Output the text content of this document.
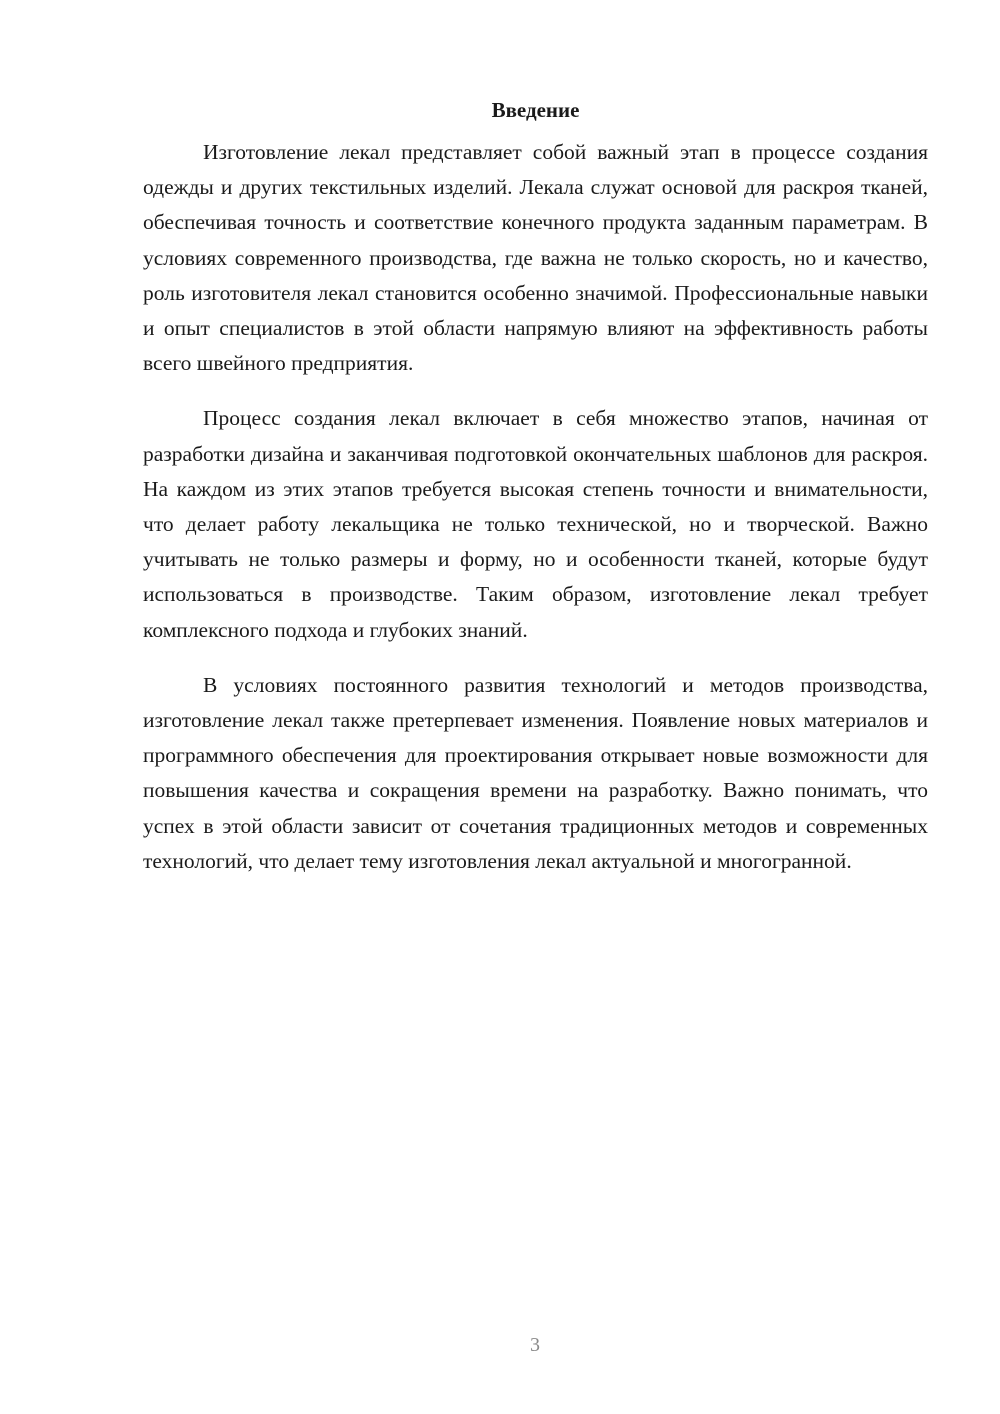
Введение

Изготовление лекал представляет собой важный этап в процессе создания одежды и других текстильных изделий. Лекала служат основой для раскроя тканей, обеспечивая точность и соответствие конечного продукта заданным параметрам. В условиях современного производства, где важна не только скорость, но и качество, роль изготовителя лекал становится особенно значимой. Профессиональные навыки и опыт специалистов в этой области напрямую влияют на эффективность работы всего швейного предприятия.

Процесс создания лекал включает в себя множество этапов, начиная от разработки дизайна и заканчивая подготовкой окончательных шаблонов для раскроя. На каждом из этих этапов требуется высокая степень точности и внимательности, что делает работу лекальщика не только технической, но и творческой. Важно учитывать не только размеры и форму, но и особенности тканей, которые будут использоваться в производстве. Таким образом, изготовление лекал требует комплексного подхода и глубоких знаний.

В условиях постоянного развития технологий и методов производства, изготовление лекал также претерпевает изменения. Появление новых материалов и программного обеспечения для проектирования открывает новые возможности для повышения качества и сокращения времени на разработку. Важно понимать, что успех в этой области зависит от сочетания традиционных методов и современных технологий, что делает тему изготовления лекал актуальной и многогранной.

3
